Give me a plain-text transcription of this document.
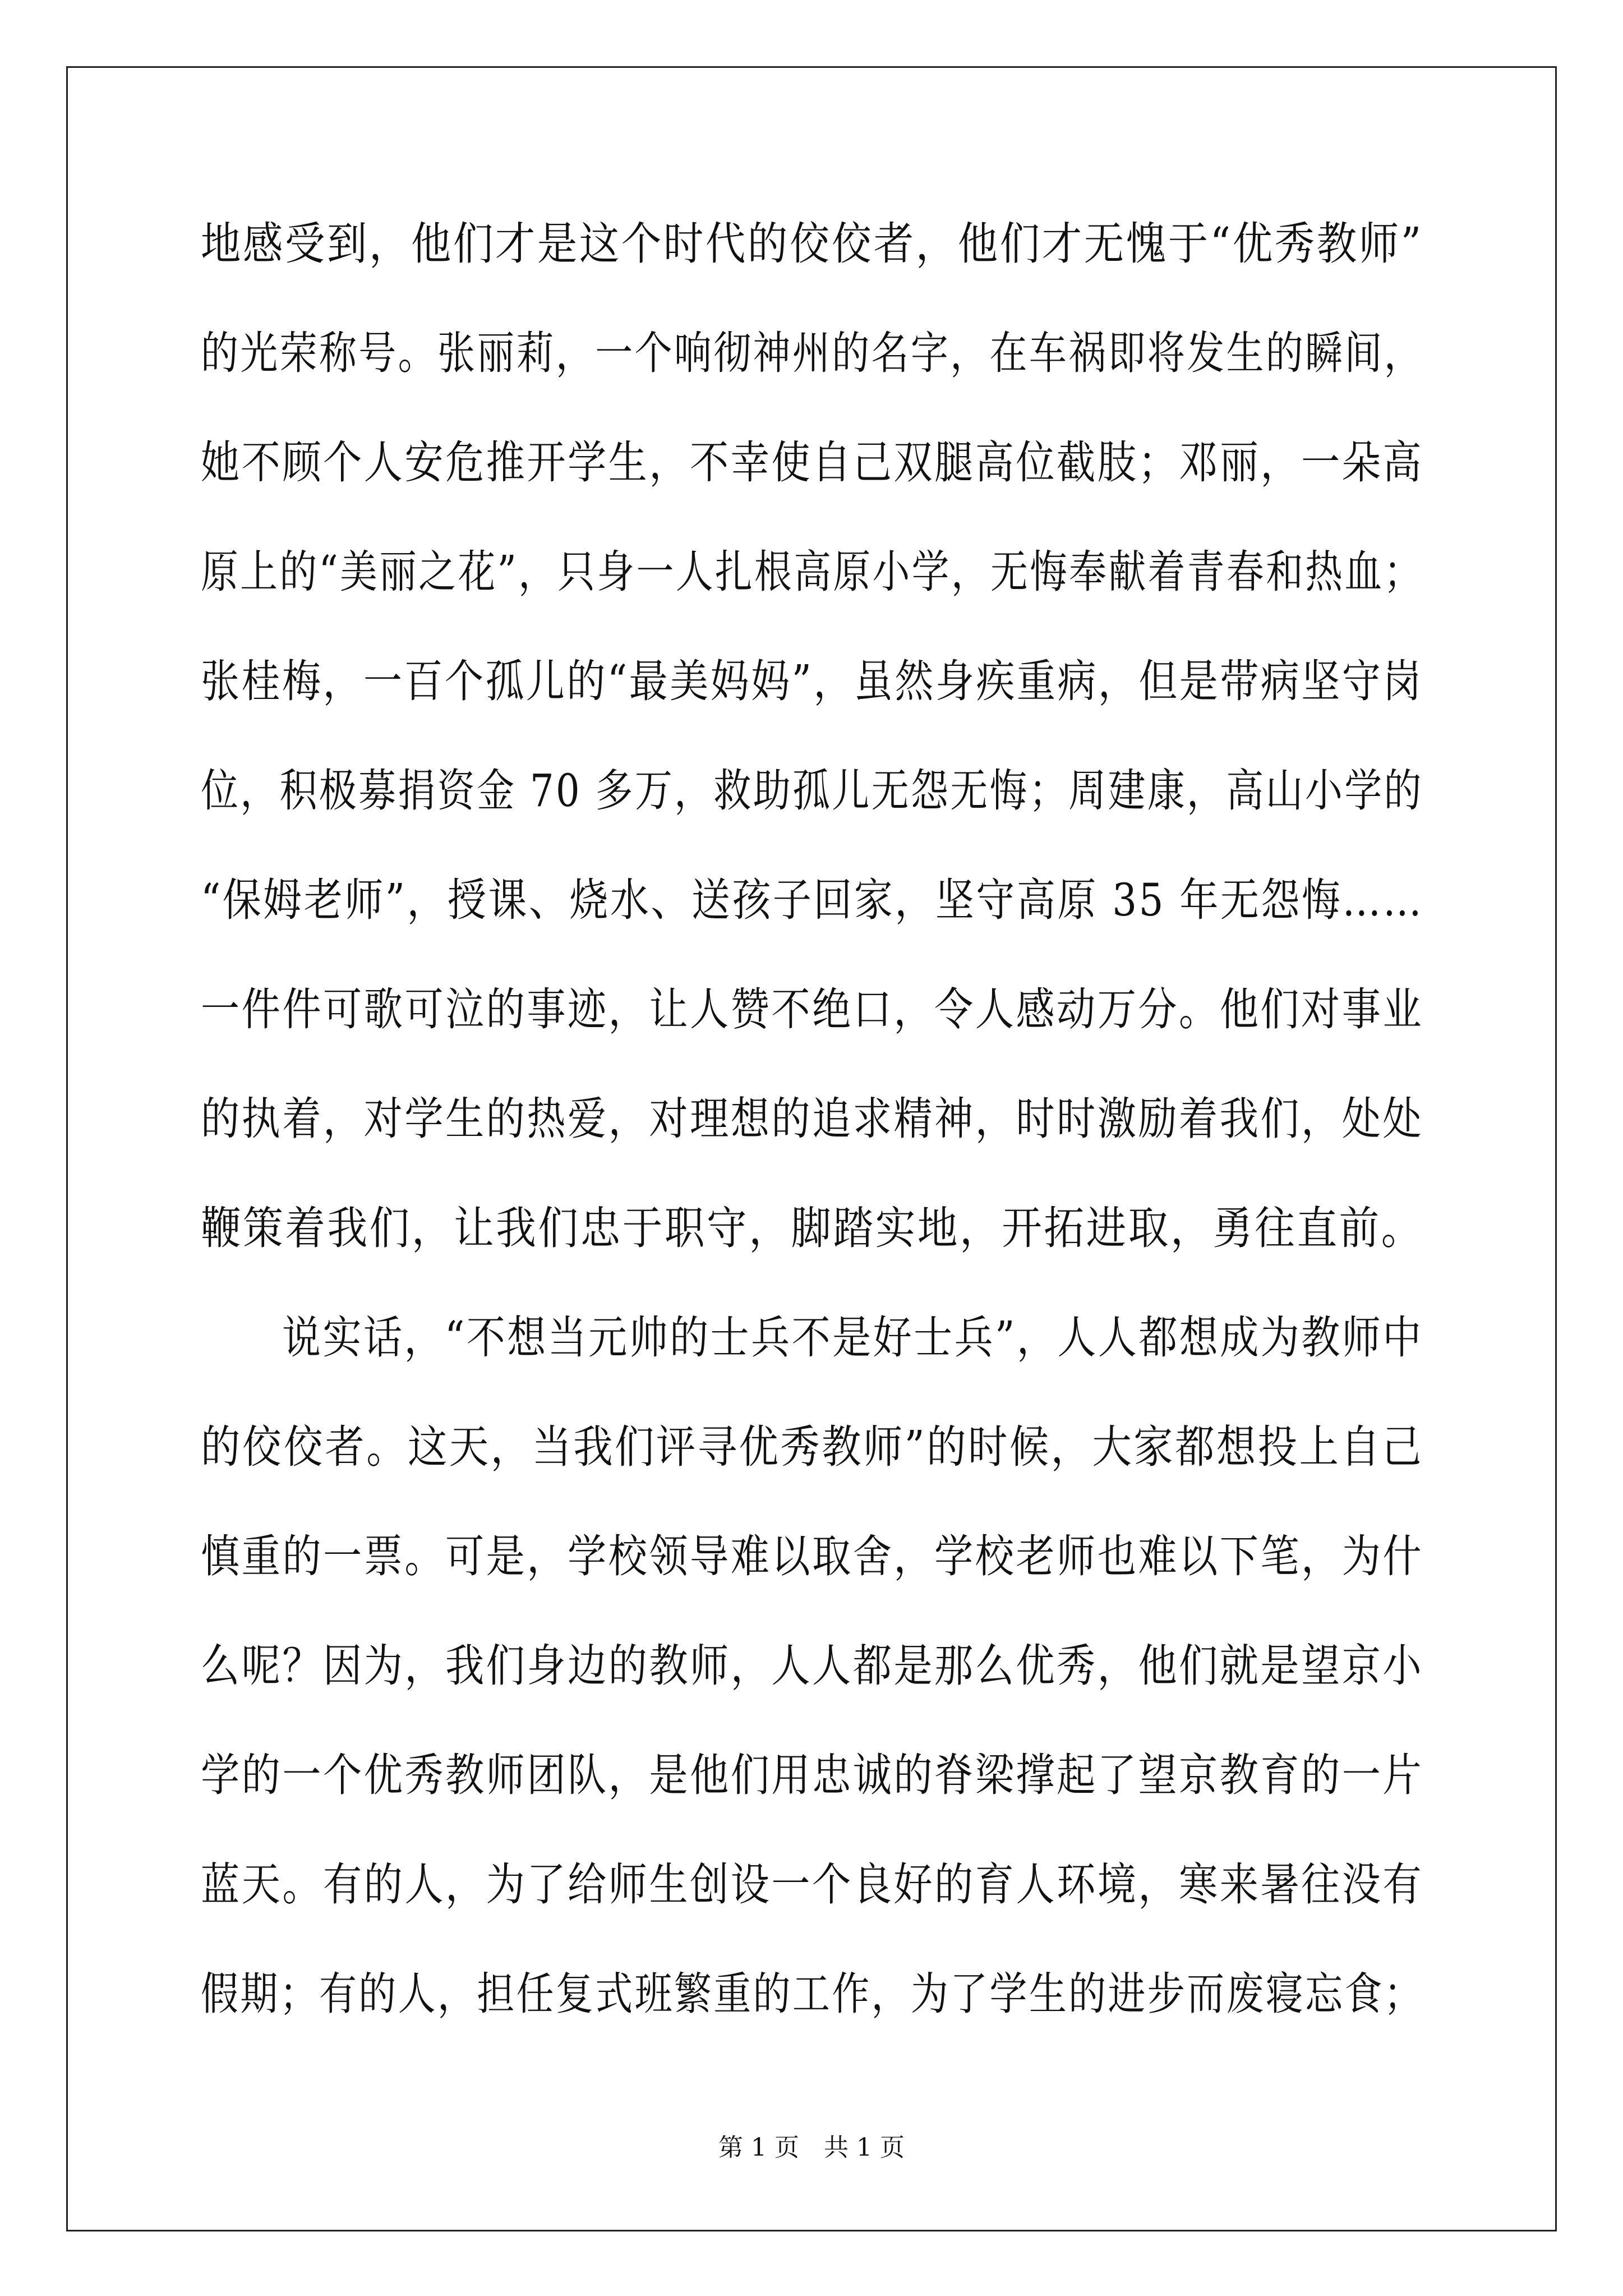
地感受到，他们才是这个时代的佼佼者，他们才无愧于“优秀教师”
的光荣称号。张丽莉，一个响彻神州的名字，在车祸即将发生的瞬间，
她不顾个人安危推开学生，不幸使自己双腿高位截肢；邓丽，一朵高
原上的“美丽之花”，只身一人扎根高原小学，无悔奉献着青春和热血；
张桂梅，一百个孤儿的“最美妈妈”，虽然身疾重病，但是带病坚守岗
位，积极募捐资金 70 多万，救助孤儿无怨无悔；周建康，高山小学的
“保姆老师”，授课、烧水、送孩子回家，坚守高原 35 年无怨悔……
一件件可歌可泣的事迹，让人赞不绝口，令人感动万分。他们对事业
的执着，对学生的热爱，对理想的追求精神，时时激励着我们，处处
鞭策着我们，让我们忠于职守，脚踏实地，开拓进取，勇往直前。
　　说实话，“不想当元帅的士兵不是好士兵”，人人都想成为教师中
的佼佼者。这天，当我们评寻优秀教师”的时候，大家都想投上自己
慎重的一票。可是，学校领导难以取舍，学校老师也难以下笔，为什
么呢？因为，我们身边的教师，人人都是那么优秀，他们就是望京小
学的一个优秀教师团队，是他们用忠诚的脊梁撑起了望京教育的一片
蓝天。有的人，为了给师生创设一个良好的育人环境，寒来暑往没有
假期；有的人，担任复式班繁重的工作，为了学生的进步而废寝忘食；
第 1 页　共 1 页
